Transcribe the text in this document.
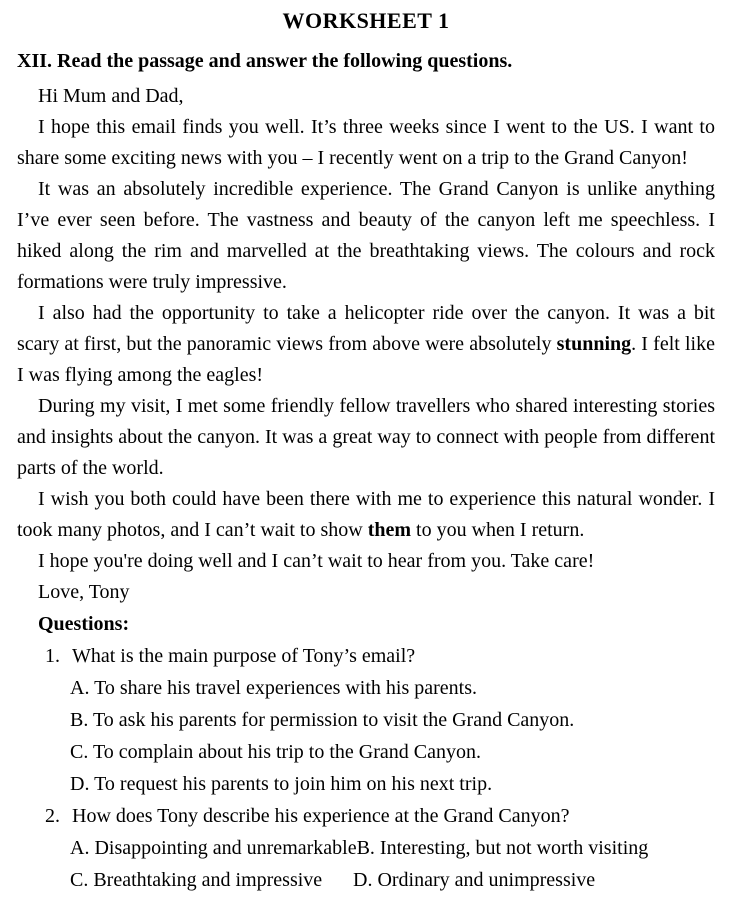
WORKSHEET 1
XII. Read the passage and answer the following questions.

Hi Mum and Dad,

I hope this email finds you well. It’s three weeks since I went to the US. I want to share some exciting news with you – I recently went on a trip to the Grand Canyon!

It was an absolutely incredible experience. The Grand Canyon is unlike anything I’ve ever seen before. The vastness and beauty of the canyon left me speechless. I hiked along the rim and marvelled at the breathtaking views. The colours and rock formations were truly impressive.

I also had the opportunity to take a helicopter ride over the canyon. It was a bit scary at first, but the panoramic views from above were absolutely stunning. I felt like I was flying among the eagles!

During my visit, I met some friendly fellow travellers who shared interesting stories and insights about the canyon. It was a great way to connect with people from different parts of the world.

I wish you both could have been there with me to experience this natural wonder. I took many photos, and I can’t wait to show them to you when I return.

I hope you're doing well and I can’t wait to hear from you. Take care!

Love, Tony

Questions:
1. What is the main purpose of Tony’s email?
A. To share his travel experiences with his parents.
B. To ask his parents for permission to visit the Grand Canyon.
C. To complain about his trip to the Grand Canyon.
D. To request his parents to join him on his next trip.
2. How does Tony describe his experience at the Grand Canyon?
A. Disappointing and unremarkable B. Interesting, but not worth visiting
C. Breathtaking and impressive	D. Ordinary and unimpressive
